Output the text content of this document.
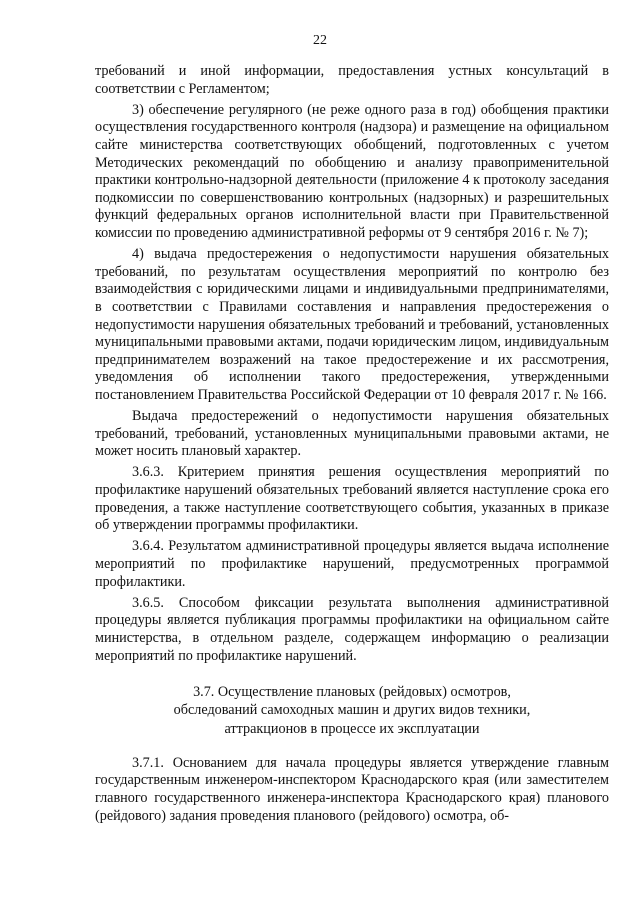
22

требований и иной информации, предоставления устных консультаций в соответствии с Регламентом;

3) обеспечение регулярного (не реже одного раза в год) обобщения практики осуществления государственного контроля (надзора) и размещение на официальном сайте министерства соответствующих обобщений, подготовленных с учетом Методических рекомендаций по обобщению и анализу правоприменительной практики контрольно-надзорной деятельности (приложение 4 к протоколу заседания подкомиссии по совершенствованию контрольных (надзорных) и разрешительных функций федеральных органов исполнительной власти при Правительственной комиссии по проведению административной реформы от 9 сентября 2016 г. № 7);

4) выдача предостережения о недопустимости нарушения обязательных требований, по результатам осуществления мероприятий по контролю без взаимодействия с юридическими лицами и индивидуальными предпринимателями, в соответствии с Правилами составления и направления предостережения о недопустимости нарушения обязательных требований и требований, установленных муниципальными правовыми актами, подачи юридическим лицом, индивидуальным предпринимателем возражений на такое предостережение и их рассмотрения, уведомления об исполнении такого предостережения, утвержденными постановлением Правительства Российской Федерации от 10 февраля 2017 г. № 166.

Выдача предостережений о недопустимости нарушения обязательных требований, требований, установленных муниципальными правовыми актами, не может носить плановый характер.

3.6.3. Критерием принятия решения осуществления мероприятий по профилактике нарушений обязательных требований является наступление срока его проведения, а также наступление соответствующего события, указанных в приказе об утверждении программы профилактики.

3.6.4. Результатом административной процедуры является выдача исполнение мероприятий по профилактике нарушений, предусмотренных программой профилактики.

3.6.5. Способом фиксации результата выполнения административной процедуры является публикация программы профилактики на официальном сайте министерства, в отдельном разделе, содержащем информацию о реализации мероприятий по профилактике нарушений.

3.7. Осуществление плановых (рейдовых) осмотров,
обследований самоходных машин и других видов техники,
аттракционов в процессе их эксплуатации

3.7.1. Основанием для начала процедуры является утверждение главным государственным инженером-инспектором Краснодарского края (или заместителем главного государственного инженера-инспектора Краснодарского края) планового (рейдового) задания проведения планового (рейдового) осмотра, об-
